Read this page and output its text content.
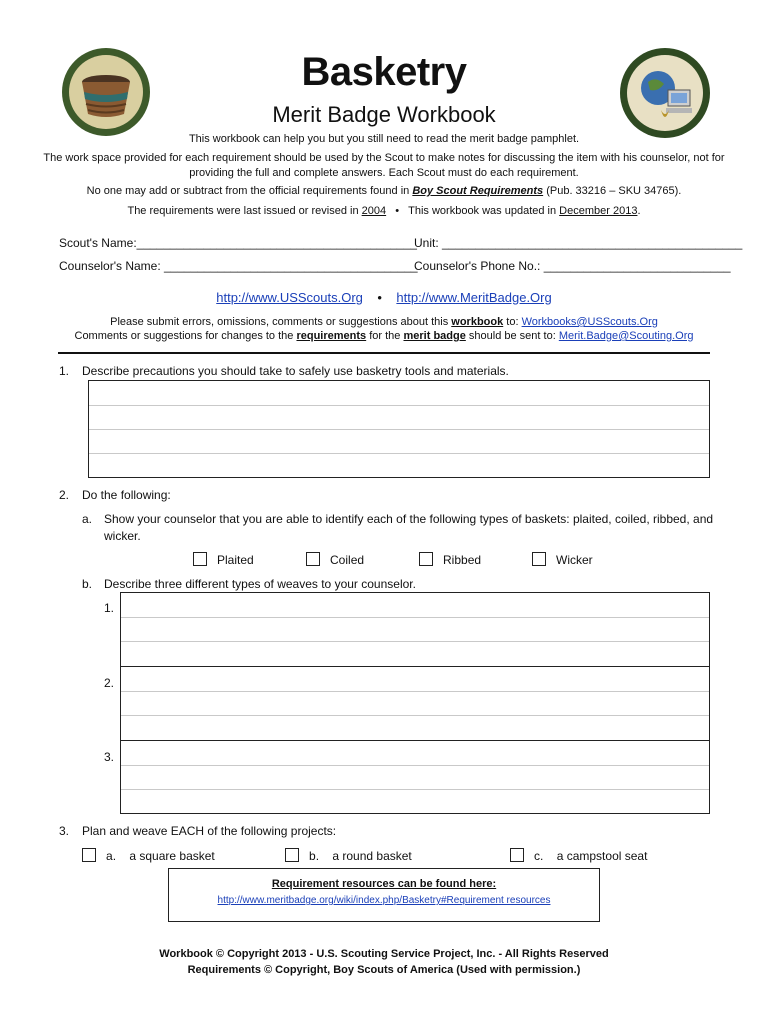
Basketry
Merit Badge Workbook
This workbook can help you but you still need to read the merit badge pamphlet.
The work space provided for each requirement should be used by the Scout to make notes for discussing the item with his counselor, not for
providing the full and complete answers. Each Scout must do each requirement.
No one may add or subtract from the official requirements found in Boy Scout Requirements (Pub. 33216 – SKU 34765).
The requirements were last issued or revised in 2004 • This workbook was updated in December 2013.
Scout's Name:__________________________________________
Unit: _____________________________________________
Counselor's Name: ______________________________________
Counselor's Phone No.: ____________________________
http://www.USScouts.Org • http://www.MeritBadge.Org
Please submit errors, omissions, comments or suggestions about this workbook to: Workbooks@USScouts.Org
Comments or suggestions for changes to the requirements for the merit badge should be sent to: Merit.Badge@Scouting.Org
1. Describe precautions you should take to safely use basketry tools and materials.
2. Do the following:
a. Show your counselor that you are able to identify each of the following types of baskets: plaited, coiled, ribbed, and
wicker.
Plaited	Coiled	Ribbed	Wicker
b. Describe three different types of weaves to your counselor.
1.
2.
3.
3. Plan and weave EACH of the following projects:
a. a square basket	b. a round basket	c. a campstool seat
Requirement resources can be found here:
http://www.meritbadge.org/wiki/index.php/Basketry#Requirement resources
Workbook © Copyright 2013 - U.S. Scouting Service Project, Inc. - All Rights Reserved
Requirements © Copyright, Boy Scouts of America (Used with permission.)
